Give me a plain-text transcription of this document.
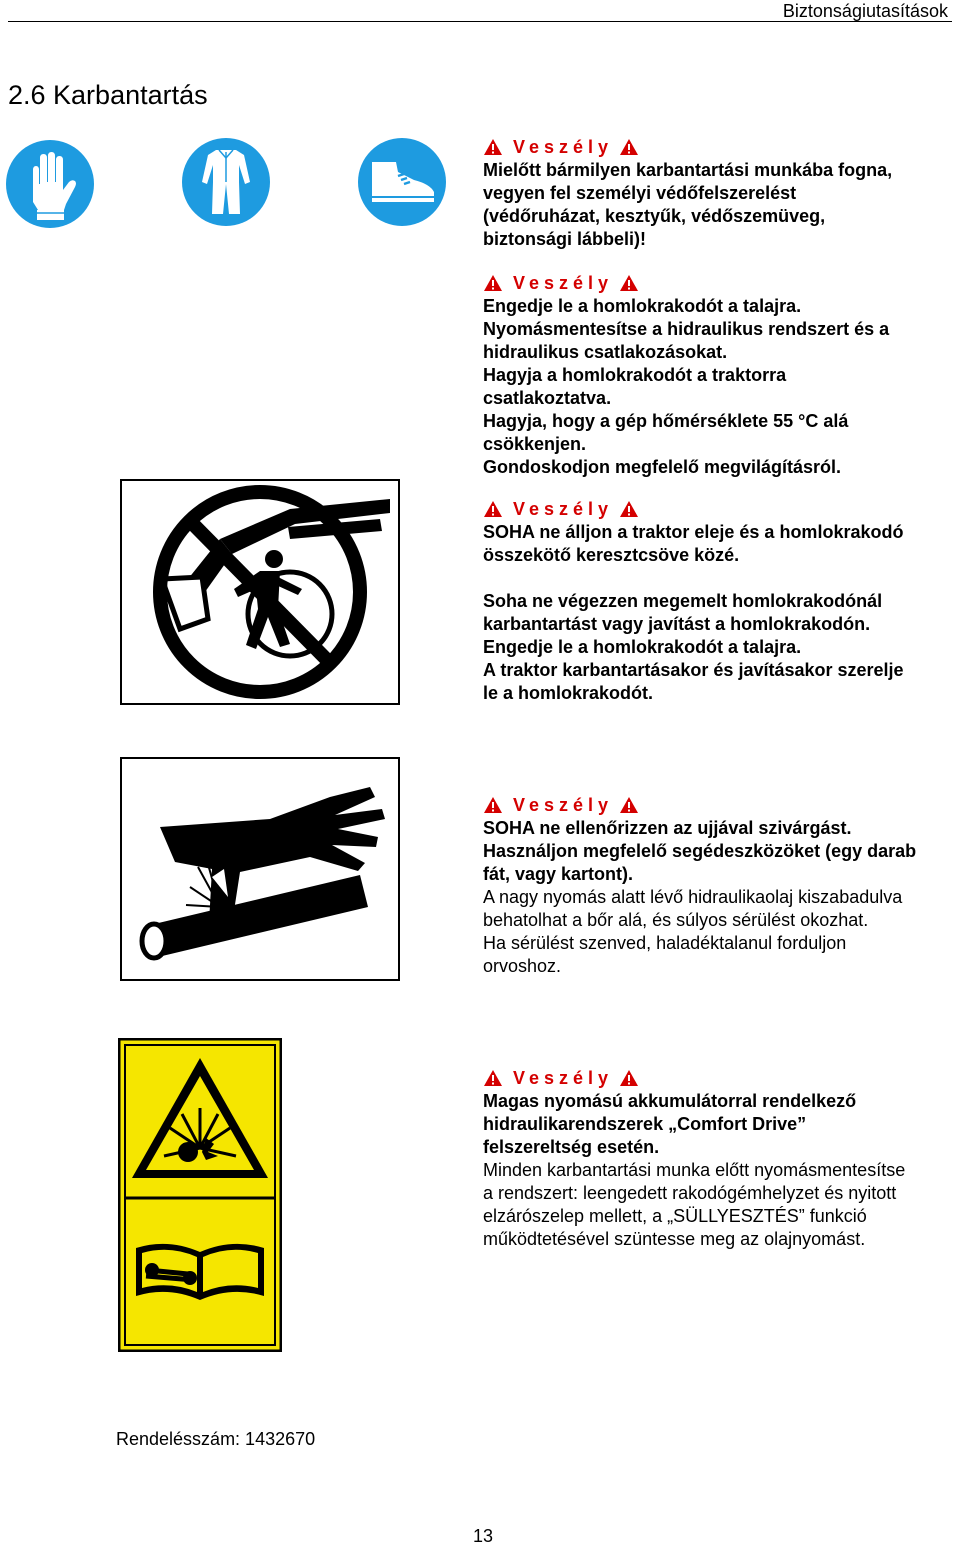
Biztonságiutasítások
2.6 Karbantartás
Veszély

Mielőtt bármilyen karbantartási munkába fogna,

vegyen fel személyi védőfelszerelést

(védőruházat, kesztyűk, védőszemüveg,

biztonsági lábbeli)!

Veszély

Engedje le a homlokrakodót a talajra.

Nyomásmentesítse a hidraulikus rendszert és a

hidraulikus csatlakozásokat.

Hagyja a homlokrakodót a traktorra

csatlakoztatva.

Hagyja, hogy a gép hőmérséklete 55 °C alá

csökkenjen.

Gondoskodjon megfelelő megvilágításról.

Veszély

SOHA ne álljon a traktor eleje és a homlokrakodó

összekötő keresztcsöve közé.

Soha ne végezzen megemelt homlokrakodónál

karbantartást vagy javítást a homlokrakodón.

Engedje le a homlokrakodót a talajra.

A traktor karbantartásakor és javításakor szerelje

le a homlokrakodót.

Veszély

SOHA ne ellenőrizzen az ujjával szivárgást.

Használjon megfelelő segédeszközöket (egy darab

fát, vagy kartont).

A nagy nyomás alatt lévő hidraulikaolaj kiszabadulva

behatolhat a bőr alá, és súlyos sérülést okozhat.

Ha sérülést szenved, haladéktalanul forduljon

orvoshoz.

Veszély

Magas nyomású akkumulátorral rendelkező

hidraulikarendszerek „Comfort Drive”

felszereltség esetén.

Minden karbantartási munka előtt nyomásmentesítse

a rendszert: leengedett rakodógémhelyzet és nyitott

elzárószelep mellett, a „SÜLLYESZTÉS” funkció

működtetésével szüntesse meg az olajnyomást.

Rendelésszám: 1432670
13
